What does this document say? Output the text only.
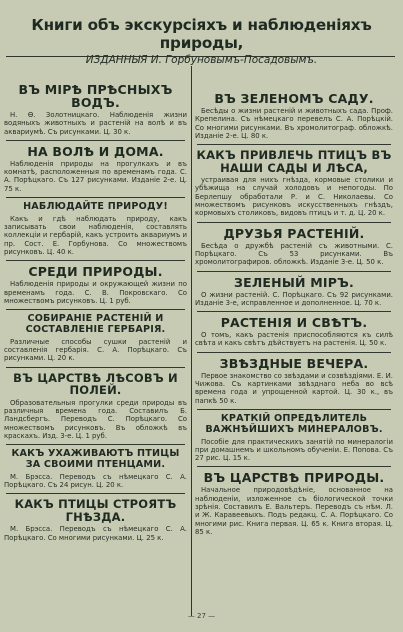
Книги объ экскурсіяхъ и наблюденіяхъ природы,
ИЗДАННЫЯ И. Горбуновымъ-Посадовымъ.
ВЪ МІРѢ ПРѢСНЫХЪ ВОДЪ.
Н. Ѳ. Золотницкаго. Наблюденія жизни водяныхъ животныхъ и растеній на волѣ и въ аквариумѣ. Съ рисунками. Ц. 30 к.
НА ВОЛѢ И ДОМА.
Наблюденія природы на прогулкахъ и въ комнатѣ, расположенныя по временамъ года. С. А. Порѣцкаго. Съ 127 рисунками. Изданіе 2-е. Ц. 75 к.
НАБЛЮДАЙТЕ ПРИРОДУ!
Какъ и гдѣ наблюдать природу, какъ записывать свои наблюденія, составлять коллекціи и гербарій, какъ устроить аквариумъ и пр. Сост. Е. Горбунова. Со множествомъ рисунковъ. Ц. 40 к.
СРЕДИ ПРИРОДЫ.
Наблюденія природы и окружающей жизни по временамъ года. С. В. Покровскаго. Со множествомъ рисунковъ. Ц. 1 руб.
СОБИРАНІЕ РАСТЕНІЙ И СОСТАВЛЕНІЕ ГЕРБАРІЯ.
Различные способы сушки растеній и составленія гербарія. С. А. Порѣцкаго. Съ рисунками. Ц. 20 к.
ВЪ ЦАРСТВѢ ЛѢСОВЪ И ПОЛЕЙ.
Образовательныя прогулки среди природы въ различныя времена года. Составилъ Б. Ландсбергъ. Переводъ С. Порѣцкаго. Со множествомъ рисунковъ. Въ обложкѣ въ краскахъ. Изд. 3-е. Ц. 1 руб.
КАКЪ УХАЖИВАЮТЪ ПТИЦЫ ЗА СВОИМИ ПТЕНЦАМИ.
М. Брэсса. Переводъ съ нѣмецкаго С. А. Порѣцкаго. Съ 24 рисун. Ц. 20 к.
КАКЪ ПТИЦЫ СТРОЯТЪ ГНѢЗДА.
М. Брэсса. Переводъ съ нѣмецкаго С. А. Порѣцкаго. Со многими рисунками. Ц. 25 к.
ВЪ ЗЕЛЕНОМЪ САДУ.
Бесѣды о жизни растеній и животныхъ сада. Проф. Крепелина. Съ нѣмецкаго перевелъ С. А. Порѣцкій. Со многими рисунками. Въ хромолитограф. обложкѣ. Изданіе 2-е. Ц. 80 к.
КАКЪ ПРИВЛЕЧЬ ПТИЦЪ ВЪ НАШИ САДЫ И ЛѢСА,
устраивая для нихъ гнѣзда, кормовые столики и убѣжища на случай холодовъ и непогоды. По Берлепшу обработали Р. и С. Николаевы. Со множествомъ рисунковъ искусственныхъ гнѣздъ, кормовыхъ столиковъ, видовъ птицъ и т. д. Ц. 20 к.
ДРУЗЬЯ РАСТЕНІЙ.
Бесѣда о дружбѣ растеній съ животными. С. Порѣцкаго. Съ 53 рисунками. Въ хромолитографиров. обложкѣ. Изданіе 3-е. Ц. 50 к.
ЗЕЛЕНЫЙ МІРЪ.
О жизни растеній. С. Порѣцкаго. Съ 92 рисунками. Изданіе 3-е, исправленное и дополненное. Ц. 70 к.
РАСТЕНІЯ И СВѢТЪ.
О томъ, какъ растенія приспособляются къ силѣ свѣта и какъ свѣтъ дѣйствуетъ на растенія. Ц. 50 к.
ЗВѢЗДНЫЕ ВЕЧЕРА.
Первое знакомство со звѣздами и созвѣздіями. Е. И. Чижова. Съ картинками звѣзднаго неба во всѣ времена года и упрощенной картой. Ц. 30 к., въ папкѣ 50 к.
КРАТКІЙ ОПРЕДѢЛИТЕЛЬ ВАЖНѢЙШИХЪ МИНЕРАЛОВЪ.
Пособіе для практическихъ занятій по минералогіи при домашнемъ и школьномъ обученіи. Е. Попова. Съ 27 рис. Ц. 15 к.
ВЪ ЦАРСТВѢ ПРИРОДЫ.
Начальное природовѣдѣніе, основанное на наблюденіи, изложенное съ біологической точки зрѣнія. Составилъ Е. Вальтеръ. Переводъ съ нѣм. Л. и Ж. Каравеевыхъ. Подъ редакц. С. А. Порѣцкаго. Со многими рис. Книга первая. Ц. 65 к. Книга вторая. Ц. 85 к.
— 27 —
